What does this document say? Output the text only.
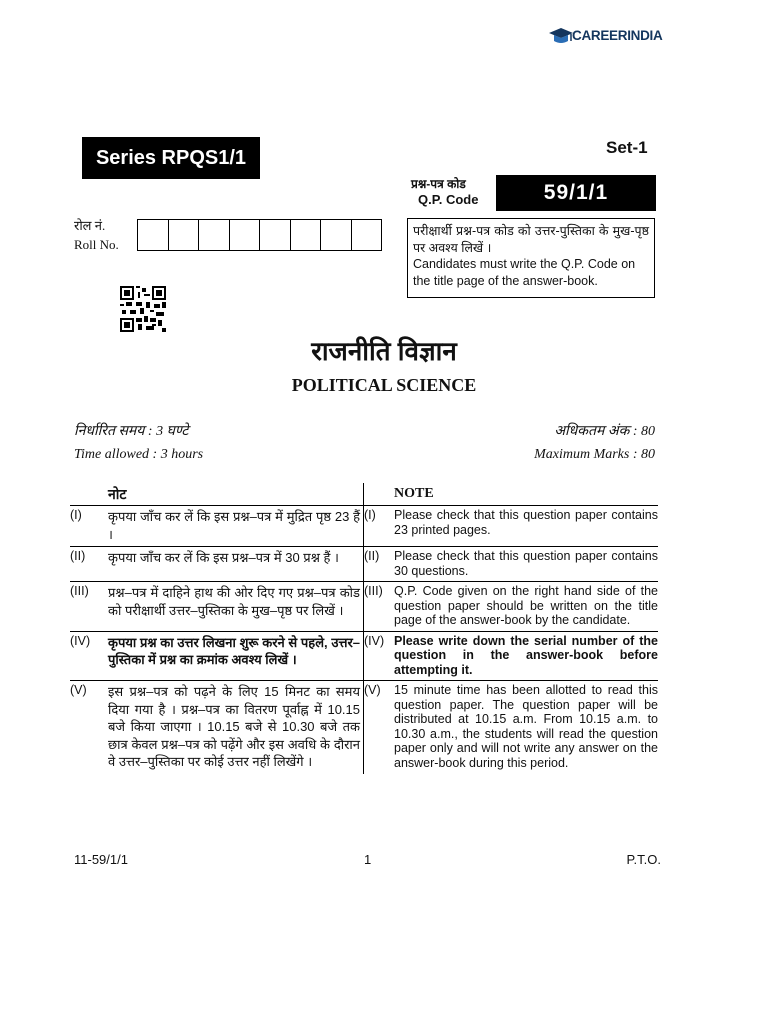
CAREERINDIA
Series RPQS1/1	Set-1
प्रश्न-पत्र कोड
Q.P. Code	59/1/1
रोल नं.
Roll No.

परीक्षार्थी प्रश्न-पत्र कोड को उत्तर-पुस्तिका के मुख-पृष्ठ पर अवश्य लिखें ।

Candidates must write the Q.P. Code on the title page of the answer-book.

राजनीति विज्ञान
POLITICAL SCIENCE
निर्धारित समय : 3 घण्टे
Time allowed : 3 hours
अधिकतम अंक : 80
Maximum Marks : 80
नोट	NOTE
(I)	कृपया जाँच कर लें कि इस प्रश्न–पत्र में मुद्रित पृष्ठ 23 हैं ।
(I)	Please check that this question paper contains 23 printed pages.
(II)	कृपया जाँच कर लें कि इस प्रश्न–पत्र में 30 प्रश्न हैं ।	(II)	Please check that this question paper contains 30 questions.
(III)	प्रश्न–पत्र में दाहिने हाथ की ओर दिए गए प्रश्न–पत्र कोड को परीक्षार्थी उत्तर–पुस्तिका के मुख–पृष्ठ पर लिखें ।
(III) Q.P. Code given on the right hand side of the question paper should be written on the title page of the answer-book by the candidate.
(IV)	कृपया प्रश्न का उत्तर लिखना शुरू करने से पहले, उत्तर–पुस्तिका में प्रश्न का क्रमांक अवश्य लिखें ।
(IV) Please write down the serial number of the question in the answer-book before attempting it.
(V)	इस प्रश्न–पत्र को पढ़ने के लिए 15 मिनट का समय दिया गया है । प्रश्न–पत्र का वितरण पूर्वाह्न में 10.15 बजे किया जाएगा । 10.15 बजे से 10.30 बजे तक छात्र केवल प्रश्न–पत्र को पढ़ेंगे और इस अवधि के दौरान वे उत्तर–पुस्तिका पर कोई उत्तर नहीं लिखेंगे ।
(V)	15 minute time has been allotted to read this question paper. The question paper will be distributed at 10.15 a.m. From 10.15 a.m. to 10.30 a.m., the students will read the question paper only and will not write any answer on the answer-book during this period.
11-59/1/1	1	P.T.O.
